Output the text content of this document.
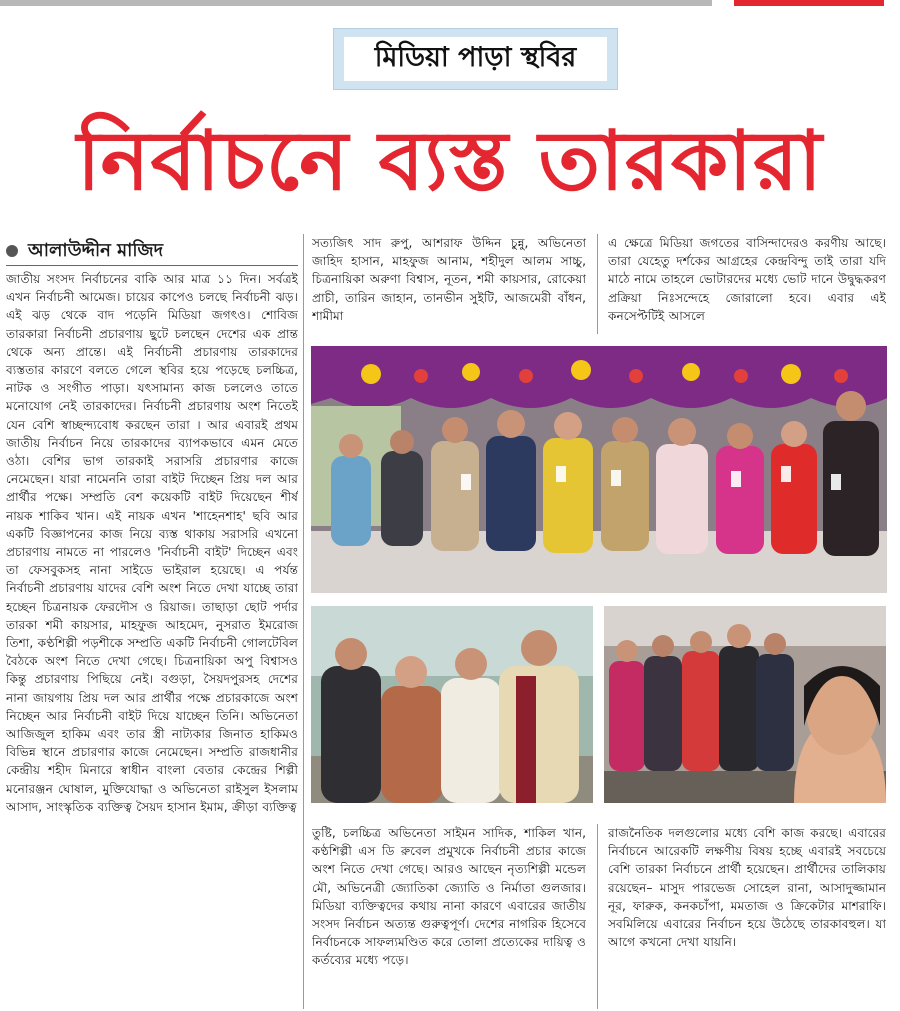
মিডিয়া পাড়া স্থবির
নির্বাচনে ব্যস্ত তারকারা
আলাউদ্দীন মাজিদ
জাতীয় সংসদ নির্বাচনের বাকি আর মাত্র ১১ দিন। সর্বত্রই এখন নির্বাচনী আমেজ। চায়ের কাপেও চলছে নির্বাচনী ঝড়। এই ঝড় থেকে বাদ পড়েনি মিডিয়া জগৎও। শোবিজ তারকারা নির্বাচনী প্রচারণায় ছুটে চলছেন দেশের এক প্রান্ত থেকে অন্য প্রান্তে। এই নির্বাচনী প্রচারণায় তারকাদের ব্যস্ততার কারণে বলতে গেলে স্থবির হয়ে পড়েছে চলচ্চিত্র, নাটক ও সংগীত পাড়া। যৎসামান্য কাজ চললেও তাতে মনোযোগ নেই তারকাদের। নির্বাচনী প্রচারণায় অংশ নিতেই যেন বেশি স্বাচ্ছন্দ্যবোধ করছেন তারা । আর এবারই প্রথম জাতীয় নির্বাচন নিয়ে তারকাদের ব্যাপকভাবে এমন মেতে ওঠা। বেশির ভাগ তারকাই সরাসরি প্রচারণার কাজে নেমেছেন। যারা নামেননি তারা বাইট দিচ্ছেন প্রিয় দল আর প্রার্থীর পক্ষে। সম্প্রতি বেশ কয়েকটি বাইট দিয়েছেন শীর্ষ নায়ক শাকিব খান। এই নায়ক এখন 'শাহেনশাহ' ছবি আর একটি বিজ্ঞাপনের কাজ নিয়ে ব্যস্ত থাকায় সরাসরি এখনো প্রচারণায় নামতে না পারলেও 'নির্বাচনী বাইট' দিচ্ছেন এবং তা ফেসবুকসহ নানা সাইডে ভাইরাল হয়েছে। এ পর্যন্ত নির্বাচনী প্রচারণায় যাদের বেশি অংশ নিতে দেখা যাচ্ছে তারা হচ্ছেন চিত্রনায়ক ফেরদৌস ও রিয়াজ। তাছাড়া ছোট পর্দার তারকা শমী কায়সার, মাহফুজ আহমেদ, নুসরাত ইমরোজ তিশা, কণ্ঠশিল্পী পড়শীকে সম্প্রতি একটি নির্বাচনী গোলটেবিল বৈঠকে অংশ নিতে দেখা গেছে। চিত্রনায়িকা অপু বিশ্বাসও কিন্তু প্রচারণায় পিছিয়ে নেই। বগুড়া, সৈয়দপুরসহ দেশের নানা জায়গায় প্রিয় দল আর প্রার্থীর পক্ষে প্রচারকাজে অংশ নিচ্ছেন আর নির্বাচনী বাইট দিয়ে যাচ্ছেন তিনি। অভিনেতা আজিজুল হাকিম এবং তার স্ত্রী নাট্যকার জিনাত হাকিমও বিভিন্ন স্থানে প্রচারণার কাজে নেমেছেন। সম্প্রতি রাজধানীর কেন্দ্রীয় শহীদ মিনারে স্বাধীন বাংলা বেতার কেন্দ্রের শিল্পী মনোরঞ্জন ঘোষাল, মুক্তিযোদ্ধা ও অভিনেতা রাইসুল ইসলাম আসাদ, সাংস্কৃতিক ব্যক্তিত্ব সৈয়দ হাসান ইমাম, ক্রীড়া ব্যক্তিত্ব
সত্যজিৎ সাদ রুপু, আশরাফ উদ্দিন চুন্নু, অভিনেতা জাহিদ হাসান, মাহফুজ আনাম, শহীদুল আলম সাচ্চু, চিত্রনায়িকা অরুণা বিশ্বাস, নূতন, শমী কায়সার, রোকেয়া প্রাচী, তারিন জাহান, তানভীন সুইটি, আজমেরী বাঁধন, শামীমা
এ ক্ষেত্রে মিডিয়া জগতের বাসিন্দাদেরও করণীয় আছে। তারা যেহেতু দর্শকের আগ্রহের কেন্দ্রবিন্দু তাই তারা যদি মাঠে নামে তাহলে ভোটারদের মধ্যে ভোট দানে উদ্বুদ্ধকরণ প্রক্রিয়া নিঃসন্দেহে জোরালো হবে। এবার এই কনসেপ্টটিই আসলে
তুষ্টি, চলচ্চিত্র অভিনেতা সাইমন সাদিক, শাকিল খান, কণ্ঠশিল্পী এস ডি রুবেল প্রমুখকে নির্বাচনী প্রচার কাজে অংশ নিতে দেখা গেছে। আরও আছেন নৃত্যশিল্পী মন্ডেল মৌ, অভিনেত্রী জ্যোতিকা জ্যোতি ও নির্মাতা গুলজার। মিডিয়া ব্যক্তিত্বদের কথায় নানা কারণে এবারের জাতীয় সংসদ নির্বাচন অত্যন্ত গুরুত্বপূর্ণ। দেশের নাগরিক হিসেবে নির্বাচনকে সাফল্যমণ্ডিত করে তোলা প্রত্যেকের দায়িত্ব ও কর্তব্যের মধ্যে পড়ে।
রাজনৈতিক দলগুলোর মধ্যে বেশি কাজ করছে। এবারের নির্বাচনে আরেকটি লক্ষণীয় বিষয় হচ্ছে এবারই সবচেয়ে বেশি তারকা নির্বাচনে প্রার্থী হয়েছেন। প্রার্থীদের তালিকায় রয়েছেন– মাসুদ পারভেজ সোহেল রানা, আসাদুজ্জামান নূর, ফারুক, কনকচাঁপা, মমতাজ ও ক্রিকেটার মাশরাফি। সবমিলিয়ে এবারের নির্বাচন হয়ে উঠেছে তারকাবহুল। যা আগে কখনো দেখা যায়নি।
